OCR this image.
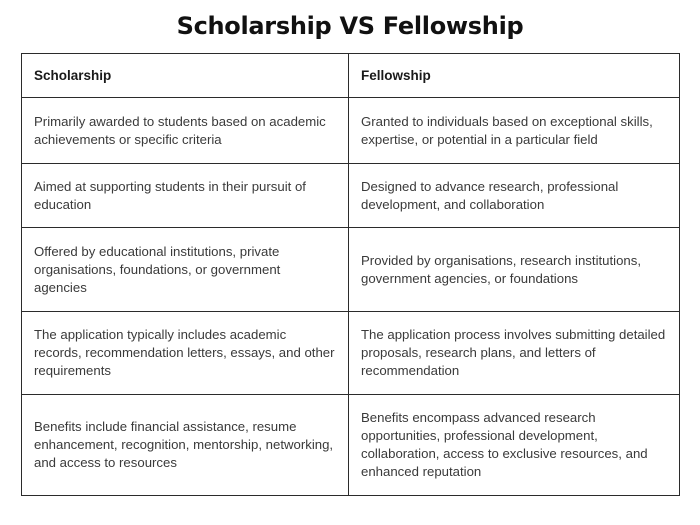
Scholarship VS Fellowship
Scholarship	Fellowship
Primarily awarded to students based on academic achievements or specific criteria	Granted to individuals based on exceptional skills, expertise, or potential in a particular field
Aimed at supporting students in their pursuit of education	Designed to advance research, professional development, and collaboration
Offered by educational institutions, private organisations, foundations, or government agencies	Provided by organisations, research institutions, government agencies, or foundations
The application typically includes academic records, recommendation letters, essays, and other requirements	The application process involves submitting detailed proposals, research plans, and letters of recommendation
Benefits include financial assistance, resume enhancement, recognition, mentorship, networking, and access to resources	Benefits encompass advanced research opportunities, professional development, collaboration, access to exclusive resources, and enhanced reputation
